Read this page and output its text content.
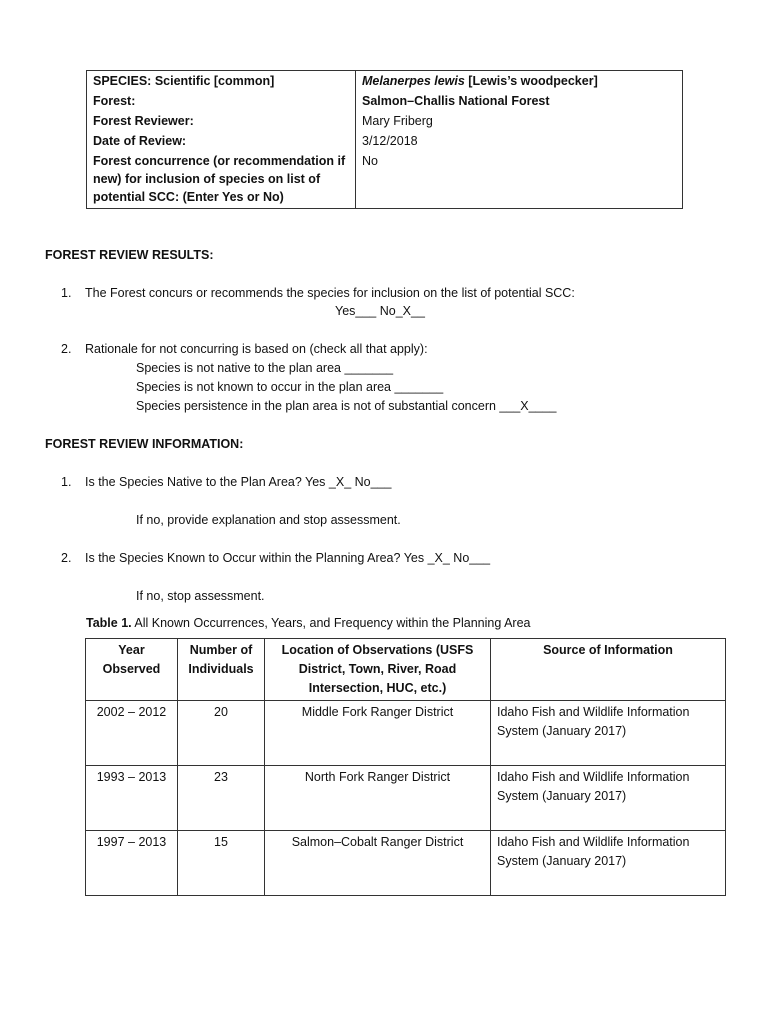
SPECIES: Scientific [common]	Melanerpes lewis [Lewis’s woodpecker]
Forest:	Salmon–Challis National Forest
Forest Reviewer:	Mary Friberg
Date of Review:	3/12/2018
Forest concurrence (or recommendation if new) for inclusion of species on list of potential SCC: (Enter Yes or No)	No
FOREST REVIEW RESULTS:
1. The Forest concurs or recommends the species for inclusion on the list of potential SCC:
Yes___ No_X__
2. Rationale for not concurring is based on (check all that apply):
Species is not native to the plan area _______
Species is not known to occur in the plan area _______
Species persistence in the plan area is not of substantial concern ___X____
FOREST REVIEW INFORMATION:
1. Is the Species Native to the Plan Area? Yes _X_ No___
If no, provide explanation and stop assessment.
2. Is the Species Known to Occur within the Planning Area? Yes _X_ No___
If no, stop assessment.
Table 1. All Known Occurrences, Years, and Frequency within the Planning Area
Year Observed	Number of Individuals	Location of Observations (USFS District, Town, River, Road Intersection, HUC, etc.)	Source of Information
2002 – 2012	20	Middle Fork Ranger District	Idaho Fish and Wildlife Information System (January 2017)
1993 – 2013	23	North Fork Ranger District	Idaho Fish and Wildlife Information System (January 2017)
1997 – 2013	15	Salmon–Cobalt Ranger District	Idaho Fish and Wildlife Information System (January 2017)
